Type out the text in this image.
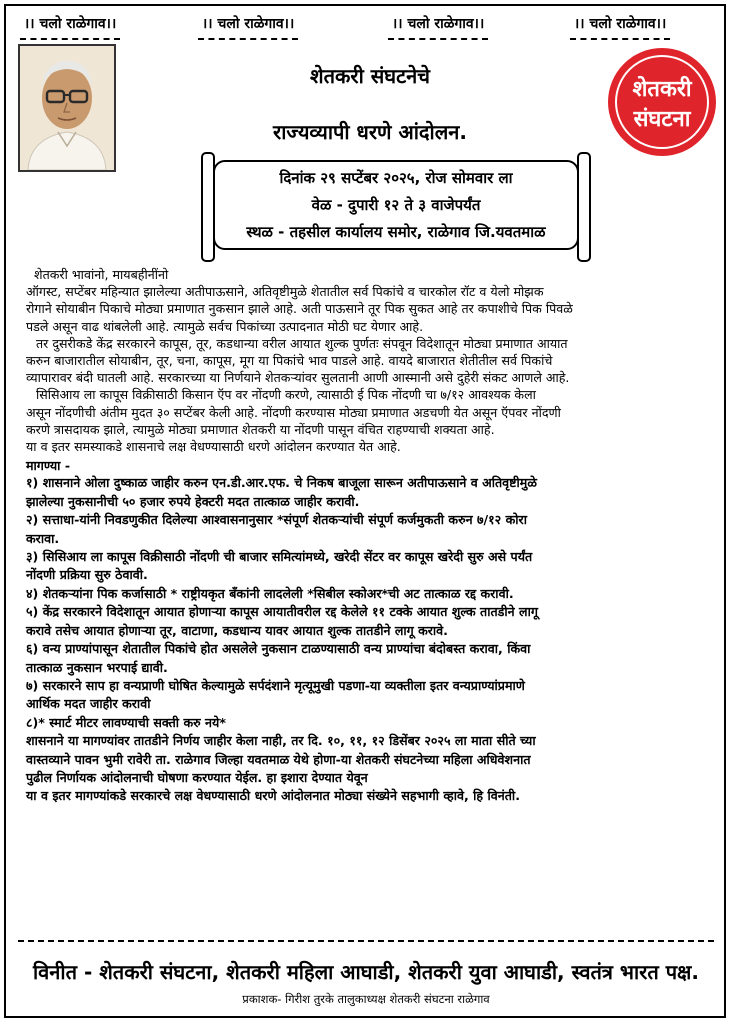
।। चलो राळेगाव।।	।। चलो राळेगाव।।	।। चलो राळेगाव।।	।। चलो राळेगाव।।
शेतकरी संघटनेचे
राज्यव्यापी धरणे आंदोलन.
शेतकरी
संघटना
दिनांक २९ सप्टेंबर २०२५, रोज सोमवार ला
वेळ - दुपारी १२ ते ३ वाजेपर्यंत
स्थळ - तहसील कार्यालय समोर, राळेगाव जि.यवतमाळ

शेतकरी भावांनो, मायबहीनींनो

ऑगस्ट, सप्टेंबर महिन्यात झालेल्या अतीपाऊसाने, अतिवृष्टीमुळे शेतातील सर्व पिकांचे व चारकोल रॉट व येलो मोझक

रोगाने सोयाबीन पिकाचे मोठ्या प्रमाणात नुकसान झाले आहे. अती पाऊसाने तूर पिक सुकत आहे तर कपाशीचे पिक पिवळे

पडले असून वाढ थांबलेली आहे. त्यामुळे सर्वच पिकांच्या उत्पादनात मोठी घट येणार आहे.

तर दुसरीकडे केंद्र सरकारने कापूस, तूर, कडधान्या वरील आयात शुल्क पुर्णतः संपवून विदेशातून मोठ्या प्रमाणात आयात

करुन बाजारातील सोयाबीन, तूर, चना, कापूस, मूग या पिकांचे भाव पाडले आहे. वायदे बाजारात शेतीतील सर्व पिकांचे

व्यापारावर बंदी घातली आहे. सरकारच्या या निर्णयाने शेतकऱ्यांवर सुलतानी आणी आस्मानी असे दुहेरी संकट आणले आहे.

सिसिआय ला कापूस विक्रीसाठी किसान ऍप वर नोंदणी करणे, त्यासाठी ई पिक नोंदणी चा ७/१२ आवश्यक केला

असून नोंदणीची अंतीम मुदत ३० सप्टेंबर केली आहे. नोंदणी करण्यास मोठ्या प्रमाणात अडचणी येत असून ऍपवर नोंदणी

करणे त्रासदायक झाले, त्यामुळे मोठ्या प्रमाणात शेतकरी या नोंदणी पासून वंचित राहण्याची शक्यता आहे.

या व इतर समस्याकडे शासनाचे लक्ष वेधण्यासाठी धरणे आंदोलन करण्यात येत आहे.

मागण्या -

१) शासनाने ओला दुष्काळ जाहीर करुन एन.डी.आर.एफ. चे निकष बाजूला सारून अतीपाऊसाने व अतिवृष्टीमुळे

झालेल्या नुकसानीची ५० हजार रुपये हेक्टरी मदत तात्काळ जाहीर करावी.

२) सत्ताधा-यांनी निवडणुकीत दिलेल्या आश्वासनानुसार *संपूर्ण शेतकऱ्यांची संपूर्ण कर्जमुकती करुन ७/१२ कोरा

करावा.

३) सिसिआय ला कापूस विक्रीसाठी नोंदणी ची बाजार समित्यांमध्ये, खरेदी सेंटर वर कापूस खरेदी सुरु असे पर्यंत

नोंदणी प्रक्रिया सुरु ठेवावी.

४) शेतकऱ्यांना पिक कर्जासाठी * राष्ट्रीयकृत बँकांनी लादलेली *सिबील स्कोअर*ची अट तात्काळ रद्द करावी.

५) केंद्र सरकारने विदेशातून आयात होणाऱ्या कापूस आयातीवरील रद्द केलेले ११ टक्के आयात शुल्क तातडीने लागू

करावे तसेच आयात होणाऱ्या तूर, वाटाणा, कडधान्य यावर आयात शुल्क तातडीने लागू करावे.

६) वन्य प्राण्यांपासून शेतातील पिकांचे होत असलेले नुकसान टाळण्यासाठी वन्य प्राण्यांचा बंदोबस्त करावा, किंवा

तात्काळ नुकसान भरपाई द्यावी.

७) सरकारने साप हा वन्यप्राणी घोषित केल्यामुळे सर्पदंशाने मृत्यूमुखी पडणा-या व्यक्तीला इतर वन्यप्राण्यांप्रमाणे

आर्थिक मदत जाहीर करावी

८)* स्मार्ट मीटर लावण्याची सक्ती करु नये*

शासनाने या मागण्यांवर तातडीने निर्णय जाहीर केला नाही, तर दि. १०, ११, १२ डिसेंबर २०२५ ला माता सीते च्या

वास्तव्याने पावन भुमी रावेरी ता. राळेगाव जिल्हा यवतमाळ येथे होणा-या शेतकरी संघटनेच्या महिला अधिवेशनात

पुढील निर्णायक आंदोलनाची घोषणा करण्यात येईल. हा इशारा देण्यात येवून

या व इतर मागण्यांकडे सरकारचे लक्ष वेधण्यासाठी धरणे आंदोलनात मोठ्या संख्येने सहभागी व्हावे, हि विनंती.

विनीत - शेतकरी संघटना, शेतकरी महिला आघाडी, शेतकरी युवा आघाडी, स्वतंत्र भारत पक्ष.
प्रकाशक- गिरीश तुरके तालुकाध्यक्ष शेतकरी संघटना राळेगाव
